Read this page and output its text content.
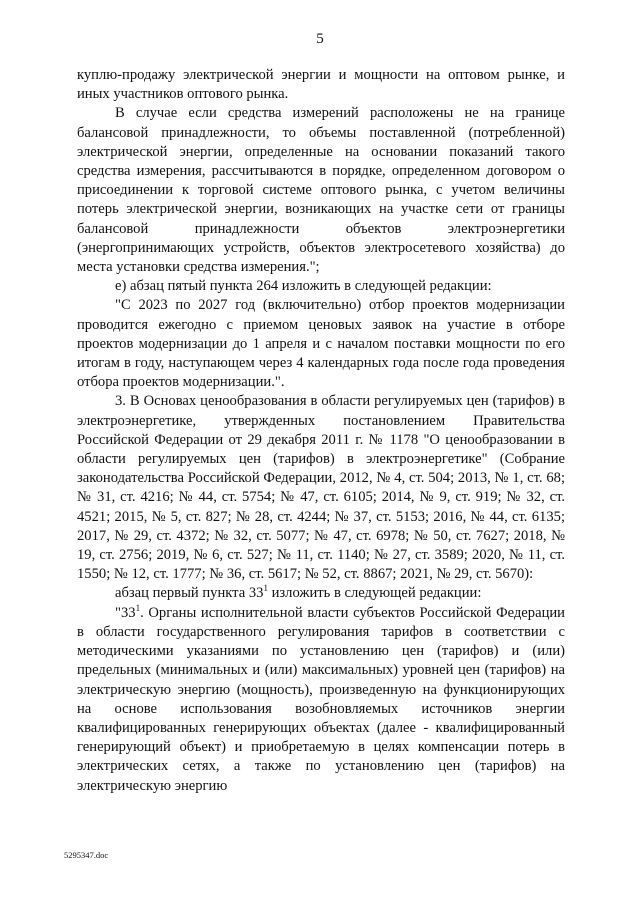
5

куплю-продажу электрической энергии и мощности на оптовом рынке, и иных участников оптового рынка.

В случае если средства измерений расположены не на границе балансовой принадлежности, то объемы поставленной (потребленной) электрической энергии, определенные на основании показаний такого средства измерения, рассчитываются в порядке, определенном договором о присоединении к торговой системе оптового рынка, с учетом величины потерь электрической энергии, возникающих на участке сети от границы балансовой принадлежности объектов электроэнергетики (энергопринимающих устройств, объектов электросетевого хозяйства) до места установки средства измерения.";

е) абзац пятый пункта 264 изложить в следующей редакции:

"С 2023 по 2027 год (включительно) отбор проектов модернизации проводится ежегодно с приемом ценовых заявок на участие в отборе проектов модернизации до 1 апреля и с началом поставки мощности по его итогам в году, наступающем через 4 календарных года после года проведения отбора проектов модернизации.".

3. В Основах ценообразования в области регулируемых цен (тарифов) в электроэнергетике, утвержденных постановлением Правительства Российской Федерации от 29 декабря 2011 г. № 1178 "О ценообразовании в области регулируемых цен (тарифов) в электроэнергетике" (Собрание законодательства Российской Федерации, 2012, № 4, ст. 504; 2013, № 1, ст. 68; № 31, ст. 4216; № 44, ст. 5754; № 47, ст. 6105; 2014, № 9, ст. 919; № 32, ст. 4521; 2015, № 5, ст. 827; № 28, ст. 4244; № 37, ст. 5153; 2016, № 44, ст. 6135; 2017, № 29, ст. 4372; № 32, ст. 5077; № 47, ст. 6978; № 50, ст. 7627; 2018, № 19, ст. 2756; 2019, № 6, ст. 527; № 11, ст. 1140; № 27, ст. 3589; 2020, № 11, ст. 1550; № 12, ст. 1777; № 36, ст. 5617; № 52, ст. 8867; 2021, № 29, ст. 5670):

абзац первый пункта $33^1$ изложить в следующей редакции:

"$33^1$. Органы исполнительной власти субъектов Российской Федерации в области государственного регулирования тарифов в соответствии с методическими указаниями по установлению цен (тарифов) и (или) предельных (минимальных и (или) максимальных) уровней цен (тарифов) на электрическую энергию (мощность), произведенную на функционирующих на основе использования возобновляемых источников энергии квалифицированных генерирующих объектах (далее - квалифицированный генерирующий объект) и приобретаемую в целях компенсации потерь в электрических сетях, а также по установлению цен (тарифов) на электрическую энергию

5295347.doc
